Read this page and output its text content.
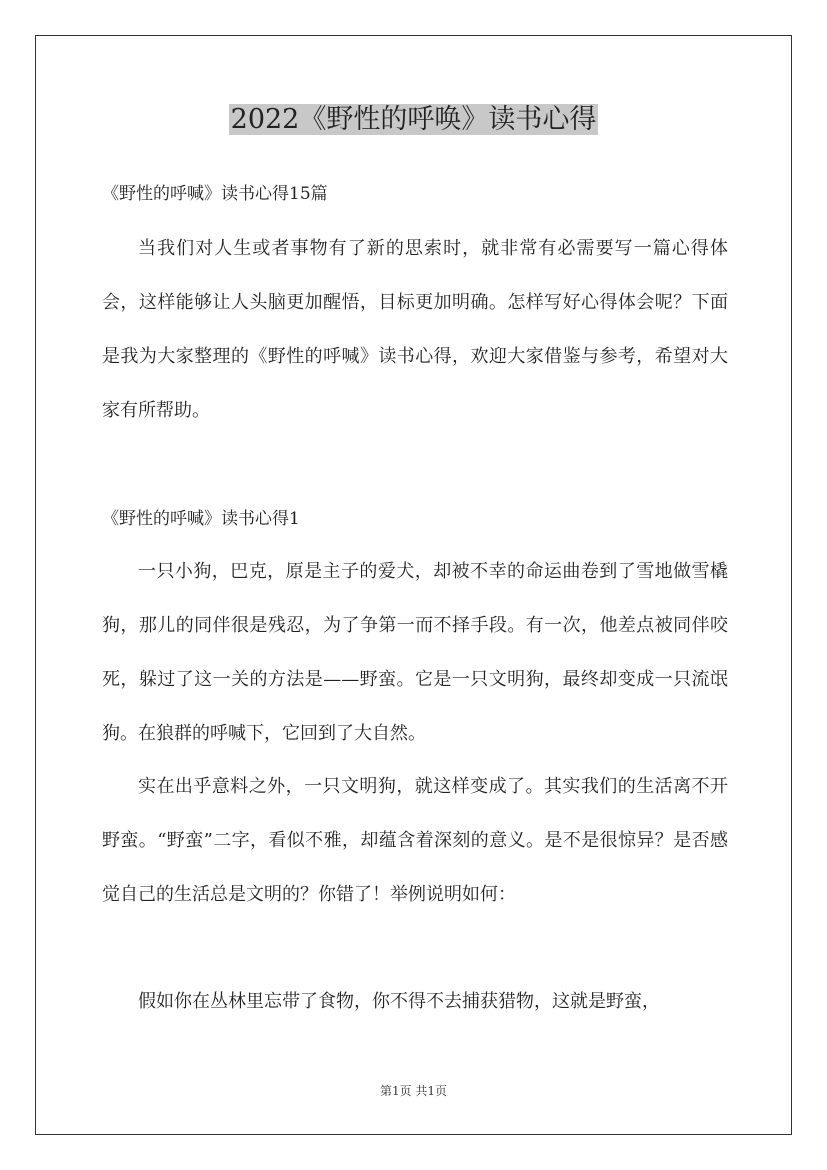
2022《野性的呼唤》读书心得

《野性的呼喊》读书心得15篇

当我们对人生或者事物有了新的思索时，就非常有必需要写一篇心得体会，这样能够让人头脑更加醒悟，目标更加明确。怎样写好心得体会呢？下面是我为大家整理的《野性的呼喊》读书心得，欢迎大家借鉴与参考，希望对大家有所帮助。

《野性的呼喊》读书心得1

一只小狗，巴克，原是主子的爱犬，却被不幸的命运曲卷到了雪地做雪橇狗，那儿的同伴很是残忍，为了争第一而不择手段。有一次，他差点被同伴咬死，躲过了这一关的方法是——野蛮。它是一只文明狗，最终却变成一只流氓狗。在狼群的呼喊下，它回到了大自然。

实在出乎意料之外，一只文明狗，就这样变成了。其实我们的生活离不开野蛮。“野蛮”二字，看似不雅，却蕴含着深刻的意义。是不是很惊异？是否感觉自己的生活总是文明的？你错了！举例说明如何：

假如你在丛林里忘带了食物，你不得不去捕获猎物，这就是野蛮，

第1页 共1页
